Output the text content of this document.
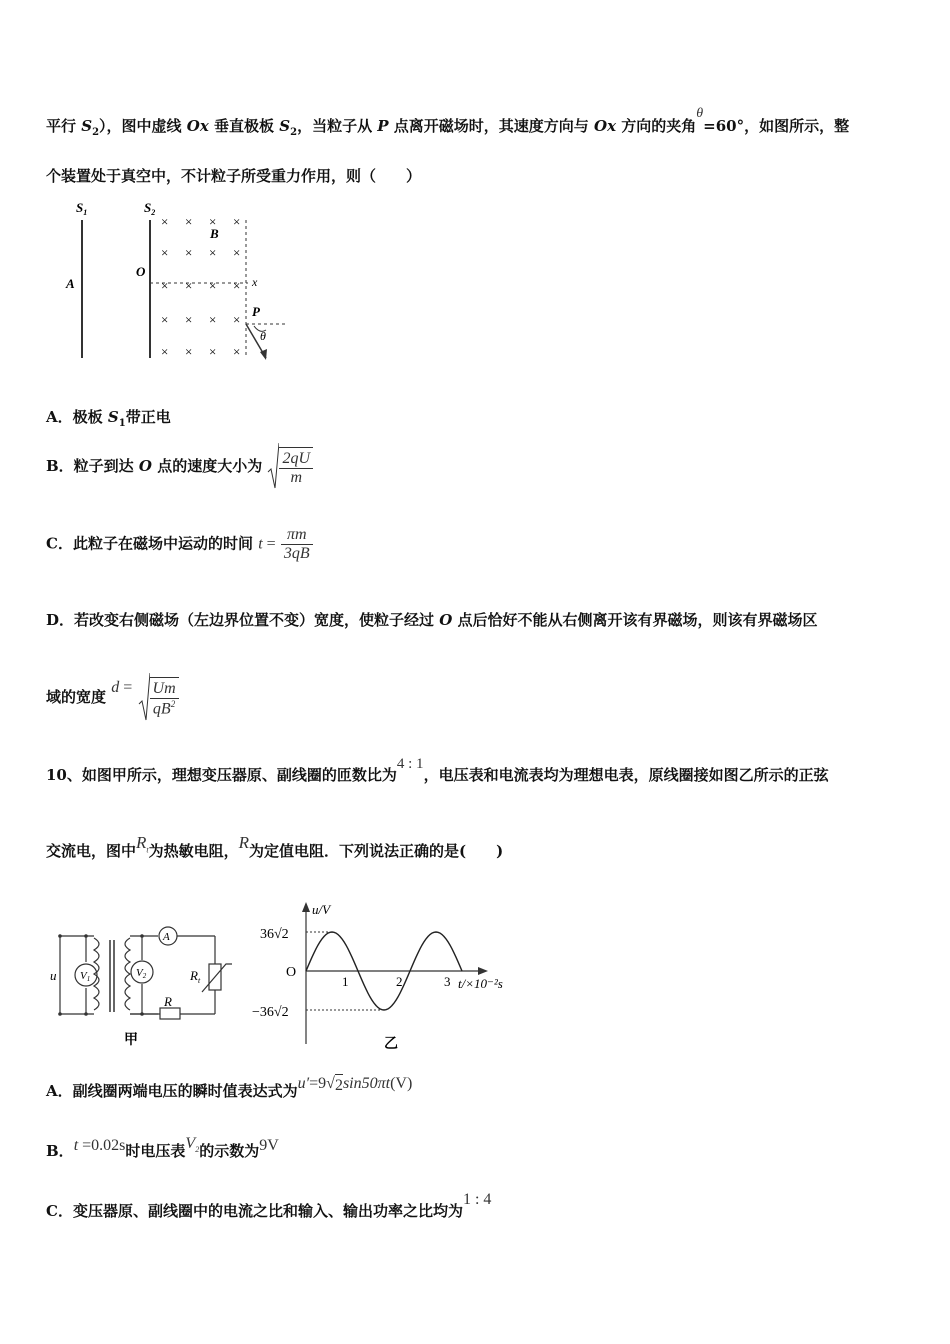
平行 $S_2$），图中虚线 Ox 垂直极板 $S_2$，当粒子从 P 点离开磁场时，其速度方向与 Ox 方向的夹角θ=60°，如图所示，整
个装置处于真空中，不计粒子所受重力作用，则（　　）
$S_1$	$S_2$
A
B
O
x
P
θ
× × × ×
× × × ×
× × × ×
× × × ×
× × × ×
A．极板 $S_1$带正电
B．粒子到达 O 点的速度大小为 $\frac{2qU}{m}$
C．此粒子在磁场中运动的时间 $t = \frac{\pi m}{3qB}$
D．若改变右侧磁场（左边界位置不变）宽度，使粒子经过 O 点后恰好不能从右侧离开该有界磁场，则该有界磁场区
域的宽度 $d = \frac{Um}{qB^2}$
10、如图甲所示，理想变压器原、副线圈的匝数比为4 : 1，电压表和电流表均为理想电表，原线圈接如图乙所示的正弦
交流电，图中$R_t$为热敏电阻，R为定值电阻．下列说法正确的是(　　)
u V1	V2
A
$R_t$
R
甲
u/V
36√2
−36√2
O
1	2	3 t/×10⁻²s
乙
A．副线圈两端电压的瞬时值表达式为u′=9 √ 2 sin50πt(V)
B．t =0.02s时电压表$V_2$的示数为9V
C．变压器原、副线圈中的电流之比和输入、输出功率之比均为1 : 4
